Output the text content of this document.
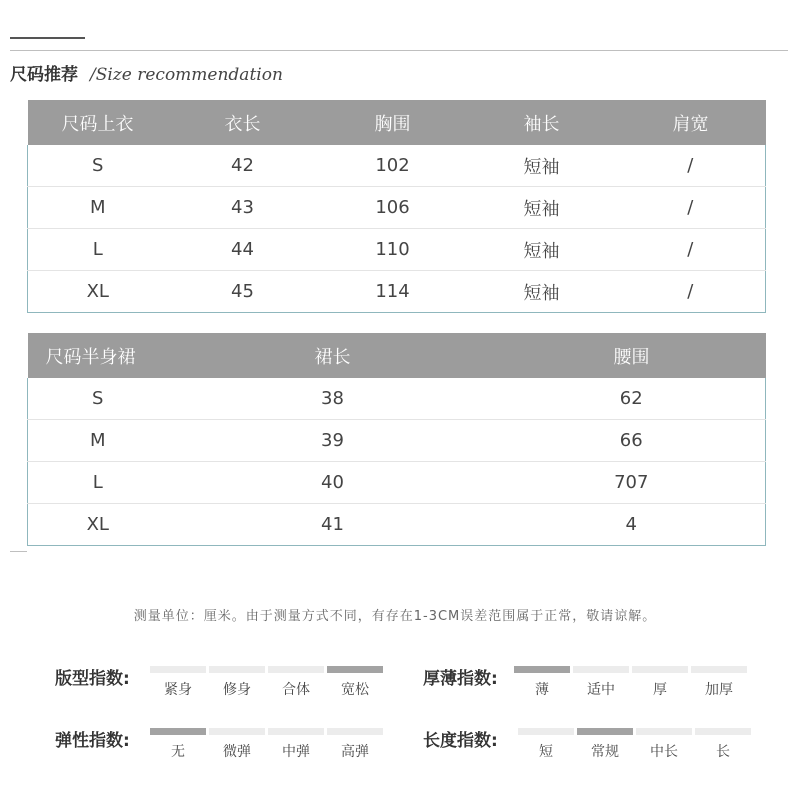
尺码推荐 /Size recommendation
尺码上衣	衣长	胸围	袖长	肩宽
S	42	102	短袖	/
M	43	106	短袖	/
L	44	110	短袖	/
XL	45	114	短袖	/
尺码半身裙	裙长	腰围
S	38	62
M	39	66
L	40	707
XL	41	4
测量单位：厘米。由于测量方式不同，有存在1-3CM误差范围属于正常，敬请谅解。
版型指数:	厚薄指数:
弹性指数:	长度指数:
紧身	修身	合体	宽松	薄	适中	厚	加厚
无	微弹	中弹	高弹	短	常规	中长	长
